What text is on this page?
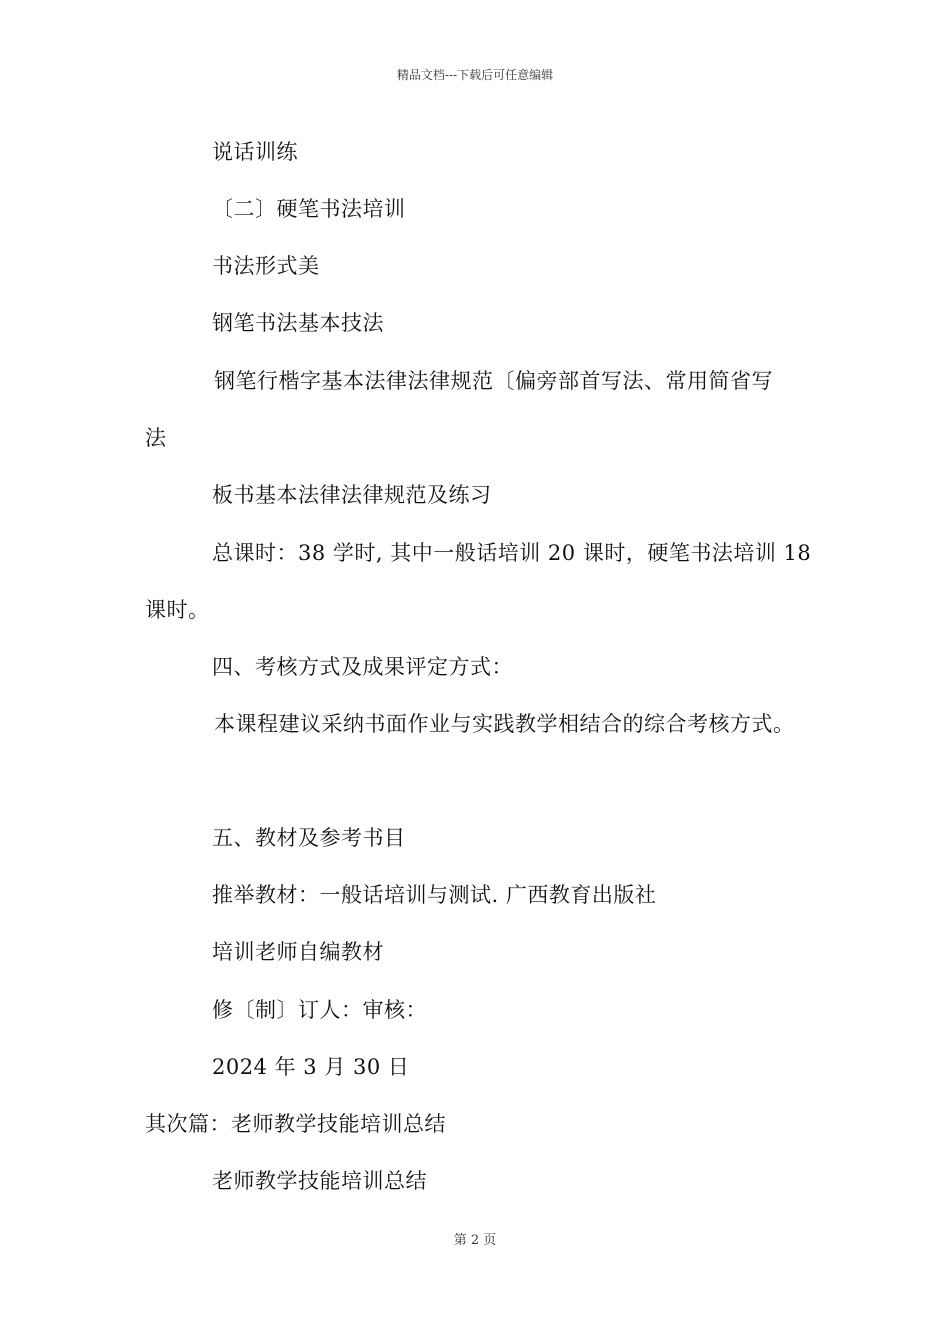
精品文档---下载后可任意编辑
说话训练
〔二〕硬笔书法培训
书法形式美
钢笔书法基本技法
钢笔行楷字基本法律法律规范〔偏旁部首写法、常用简省写
法
板书基本法律法律规范及练习
总课时：38 学时, 其中一般话培训 20 课时，硬笔书法培训 18
课时。
四、考核方式及成果评定方式：
本课程建议采纳书面作业与实践教学相结合的综合考核方式。
五、教材及参考书目
推举教材：一般话培训与测试. 广西教育出版社
培训老师自编教材
修〔制〕订人：审核：
2024 年 3 月 30 日
其次篇：老师教学技能培训总结
老师教学技能培训总结
第 2 页
